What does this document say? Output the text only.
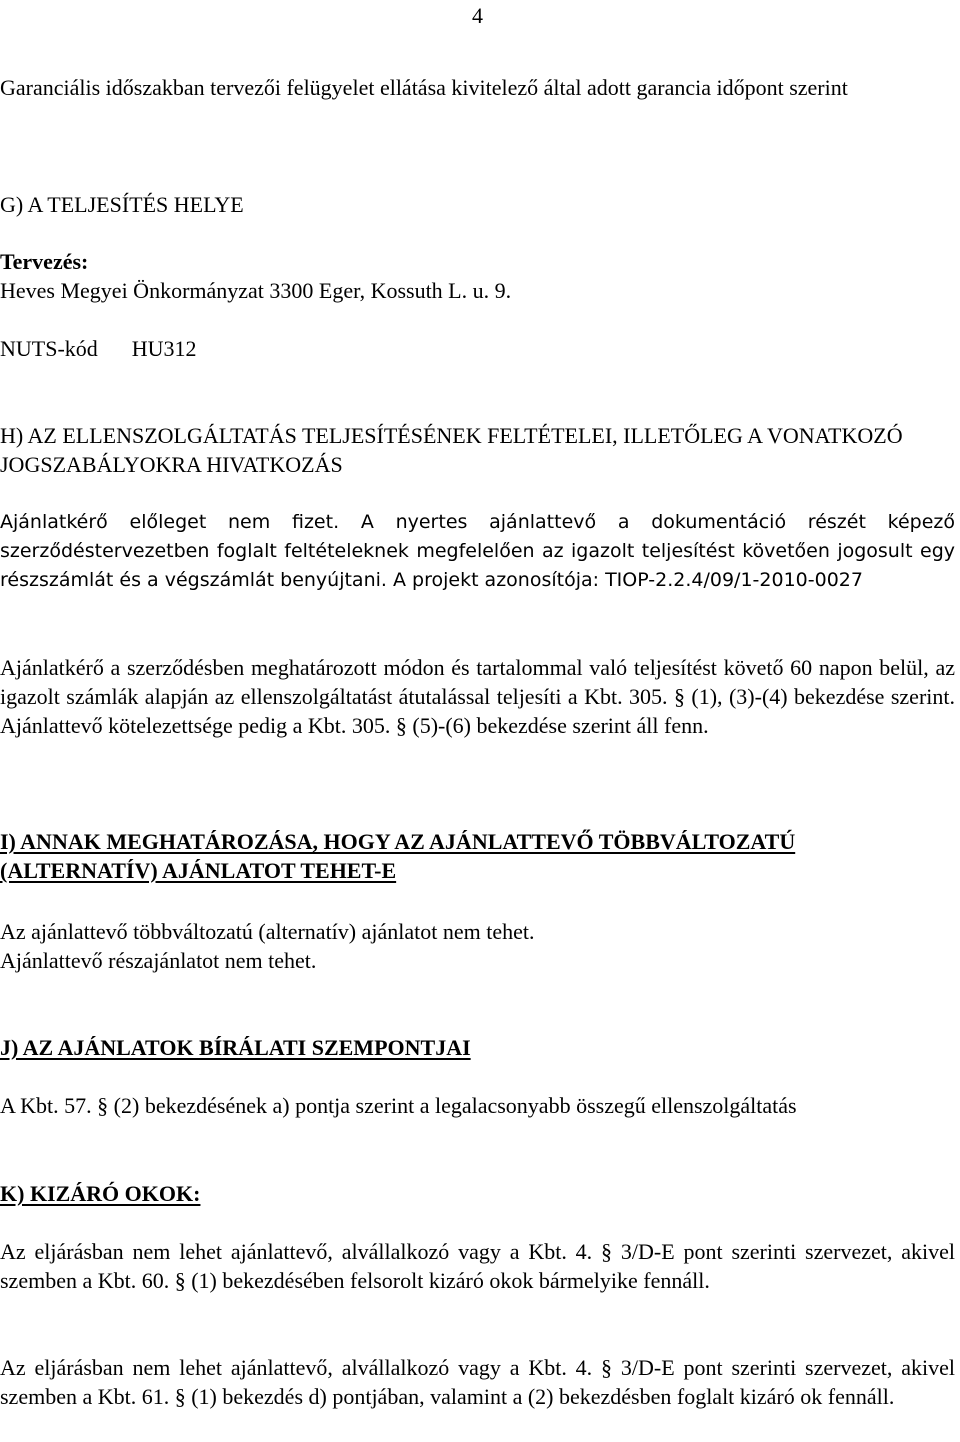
4

Garanciális időszakban tervezői felügyelet ellátása kivitelező által adott garancia időpont szerint

G) A TELJESÍTÉS HELYE
Tervezés:
Heves Megyei Önkormányzat 3300 Eger, Kossuth L. u. 9.
NUTS-kód HU312

H) AZ ELLENSZOLGÁLTATÁS TELJESÍTÉSÉNEK FELTÉTELEI, ILLETŐLEG A VONATKOZÓ JOGSZABÁLYOKRA HIVATKOZÁS

Ajánlatkérő előleget nem fizet. A nyertes ajánlattevő a dokumentáció részét képező szerződéstervezetben foglalt feltételeknek megfelelően az igazolt teljesítést követően jogosult egy részszámlát és a végszámlát benyújtani. A projekt azonosítója: TIOP-2.2.4/09/1-2010-0027

Ajánlatkérő a szerződésben meghatározott módon és tartalommal való teljesítést követő 60 napon belül, az igazolt számlák alapján az ellenszolgáltatást átutalással teljesíti a Kbt. 305. § (1), (3)-(4) bekezdése szerint. Ajánlattevő kötelezettsége pedig a Kbt. 305. § (5)-(6) bekezdése szerint áll fenn.

I) ANNAK MEGHATÁROZÁSA, HOGY AZ AJÁNLATTEVŐ TÖBBVÁLTOZATÚ (ALTERNATÍV) AJÁNLATOT TEHET-E

Az ajánlattevő többváltozatú (alternatív) ajánlatot nem tehet.
Ajánlattevő részajánlatot nem tehet.
J) AZ AJÁNLATOK BÍRÁLATI SZEMPONTJAI
A Kbt. 57. § (2) bekezdésének a) pontja szerint a legalacsonyabb összegű ellenszolgáltatás
K) KIZÁRÓ OKOK:

Az eljárásban nem lehet ajánlattevő, alvállalkozó vagy a Kbt. 4. § 3/D-E pont szerinti szervezet, akivel szemben a Kbt. 60. § (1) bekezdésében felsorolt kizáró okok bármelyike fennáll.

Az eljárásban nem lehet ajánlattevő, alvállalkozó vagy a Kbt. 4. § 3/D-E pont szerinti szervezet, akivel szemben a Kbt. 61. § (1) bekezdés d) pontjában, valamint a (2) bekezdésben foglalt kizáró ok fennáll.
